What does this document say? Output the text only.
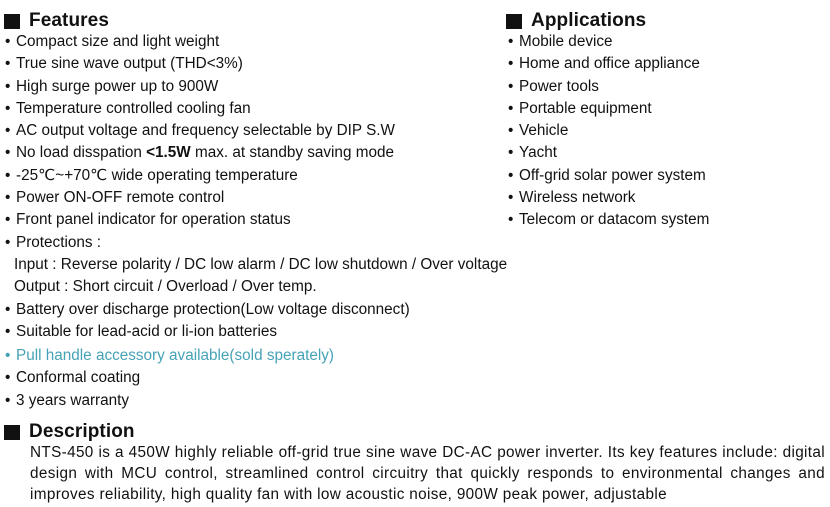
Features
• Compact size and light weight
• True sine wave output (THD<3%)
• High surge power up to 900W
• Temperature controlled cooling fan
• AC output voltage and frequency selectable by DIP S.W
• No load disspation <1.5W max. at standby saving mode
• -25℃~+70℃ wide operating temperature
• Power ON-OFF remote control
• Front panel indicator for operation status
• Protections :
Input : Reverse polarity / DC low alarm / DC low shutdown / Over voltage
Output : Short circuit / Overload / Over temp.
• Battery over discharge protection(Low voltage disconnect)
• Suitable for lead-acid or li-ion batteries
• Pull handle accessory available(sold sperately)
• Conformal coating
• 3 years warranty
Applications
• Mobile device
• Home and office appliance
• Power tools
• Portable equipment
• Vehicle
• Yacht
• Off-grid solar power system
• Wireless network
• Telecom or datacom system
Description
NTS-450 is a 450W highly reliable off-grid true sine wave DC-AC power inverter. Its key features include: digital design with MCU control, streamlined control circuitry that quickly responds to environmental changes and improves reliability, high quality fan with low acoustic noise, 900W peak power, adjustable
